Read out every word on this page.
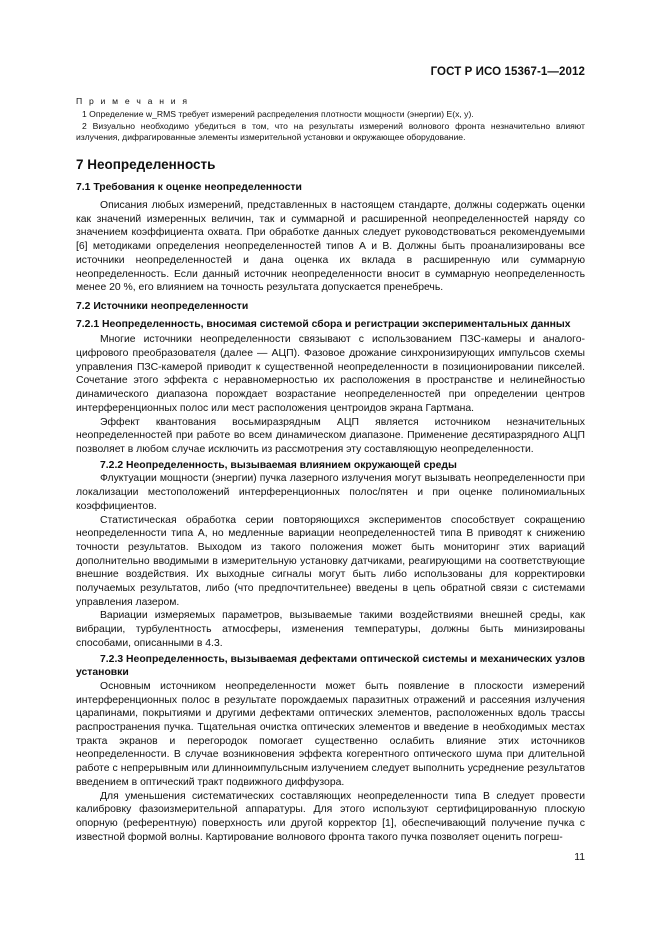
ГОСТ Р ИСО 15367-1—2012

П р и м е ч а н и я

1 Определение w_RMS требует измерений распределения плотности мощности (энергии) E(x, y).

2 Визуально необходимо убедиться в том, что на результаты измерений волнового фронта незначительно влияют излучения, дифрагированные элементы измерительной установки и окружающее оборудование.

7 Неопределенность

7.1 Требования к оценке неопределенности

Описания любых измерений, представленных в настоящем стандарте, должны содержать оценки как значений измеренных величин, так и суммарной и расширенной неопределенностей наряду со значением коэффициента охвата. При обработке данных следует руководствоваться рекомендуемыми [6] методиками определения неопределенностей типов А и В. Должны быть проанализированы все источники неопределенностей и дана оценка их вклада в расширенную или суммарную неопределенность. Если данный источник неопределенности вносит в суммарную неопределенность менее 20 %, его влиянием на точность результата допускается пренебречь.

7.2 Источники неопределенности

7.2.1 Неопределенность, вносимая системой сбора и регистрации экспериментальных данных

Многие источники неопределенности связывают с использованием ПЗС-камеры и аналого-цифрового преобразователя (далее — АЦП). Фазовое дрожание синхронизирующих импульсов схемы управления ПЗС-камерой приводит к существенной неопределенности в позиционировании пикселей. Сочетание этого эффекта с неравномерностью их расположения в пространстве и нелинейностью динамического диапазона порождает возрастание неопределенностей при определении центров интерференционных полос или мест расположения центроидов экрана Гартмана.

Эффект квантования восьмиразрядным АЦП является источником незначительных неопределенностей при работе во всем динамическом диапазоне. Применение десятиразрядного АЦП позволяет в любом случае исключить из рассмотрения эту составляющую неопределенности.

7.2.2 Неопределенность, вызываемая влиянием окружающей среды

Флуктуации мощности (энергии) пучка лазерного излучения могут вызывать неопределенности при локализации местоположений интерференционных полос/пятен и при оценке полиномиальных коэффициентов.

Статистическая обработка серии повторяющихся экспериментов способствует сокращению неопределенности типа А, но медленные вариации неопределенностей типа В приводят к снижению точности результатов. Выходом из такого положения может быть мониторинг этих вариаций дополнительно вводимыми в измерительную установку датчиками, реагирующими на соответствующие внешние воздействия. Их выходные сигналы могут быть либо использованы для корректировки получаемых результатов, либо (что предпочтительнее) введены в цепь обратной связи с системами управления лазером.

Вариации измеряемых параметров, вызываемые такими воздействиями внешней среды, как вибрации, турбулентность атмосферы, изменения температуры, должны быть минизированы способами, описанными в 4.3.

7.2.3 Неопределенность, вызываемая дефектами оптической системы и механических узлов установки

Основным источником неопределенности может быть появление в плоскости измерений интерференционных полос в результате порождаемых паразитных отражений и рассеяния излучения царапинами, покрытиями и другими дефектами оптических элементов, расположенных вдоль трассы распространения пучка. Тщательная очистка оптических элементов и введение в необходимых местах тракта экранов и перегородок помогает существенно ослабить влияние этих источников неопределенности. В случае возникновения эффекта когерентного оптического шума при длительной работе с непрерывным или длинноимпульсным излучением следует выполнить усреднение результатов введением в оптический тракт подвижного диффузора.

Для уменьшения систематических составляющих неопределенности типа В следует провести калибровку фазоизмерительной аппаратуры. Для этого используют сертифицированную плоскую опорную (референтную) поверхность или другой корректор [1], обеспечивающий получение пучка с известной формой волны. Картирование волнового фронта такого пучка позволяет оценить погреш-

11
